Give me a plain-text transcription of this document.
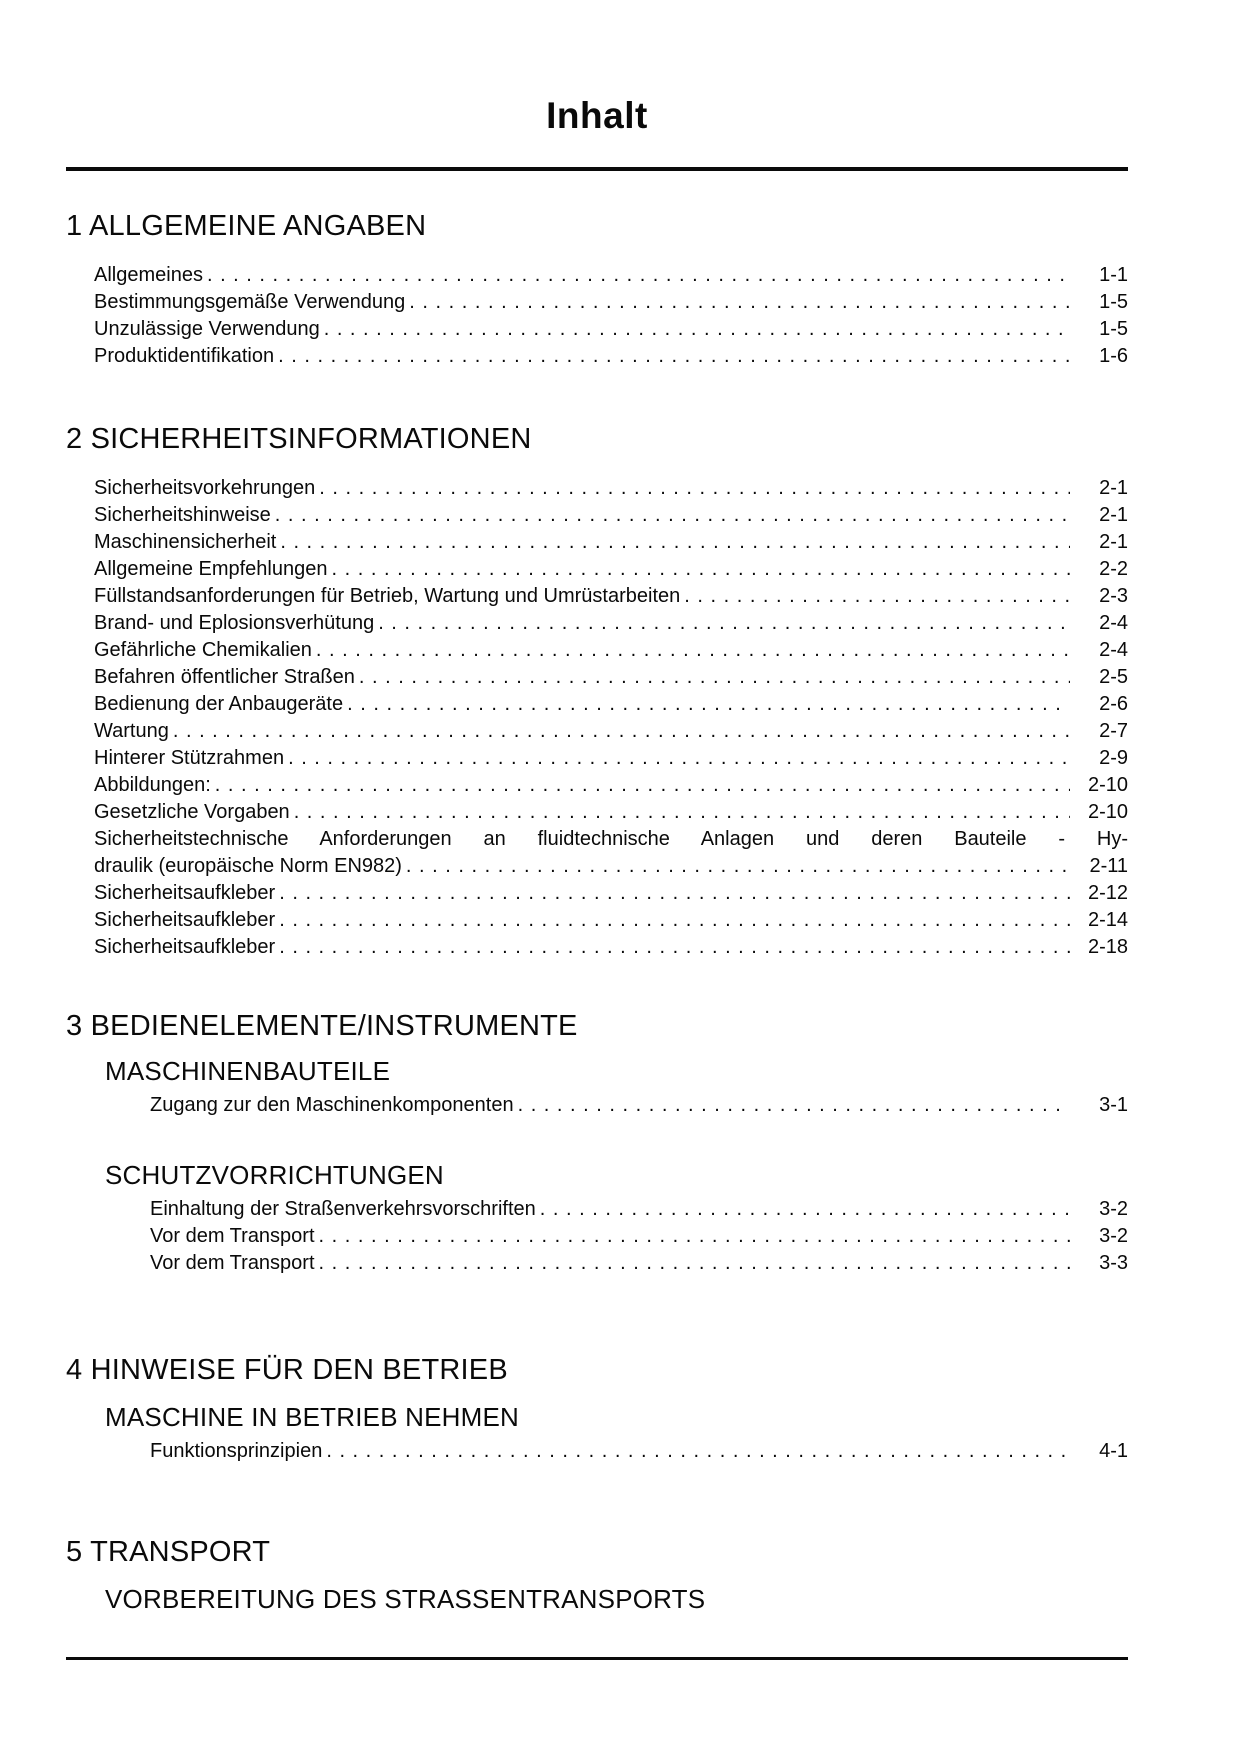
Inhalt
1 ALLGEMEINE ANGABEN
Allgemeines . . .	1-1
Bestimmungsgemäße Verwendung . . .	1-5
Unzulässige Verwendung . . .	1-5
Produktidentifikation . . .	1-6
2 SICHERHEITSINFORMATIONEN
Sicherheitsvorkehrungen . . .	2-1
Sicherheitshinweise . . .	2-1
Maschinensicherheit . . .	2-1
Allgemeine Empfehlungen . . .	2-2
Füllstandsanforderungen für Betrieb, Wartung und Umrüstarbeiten . . .	2-3
Brand- und Eplosionsverhütung . . .	2-4
Gefährliche Chemikalien . . .	2-4
Befahren öffentlicher Straßen . . .	2-5
Bedienung der Anbaugeräte . . .	2-6
Wartung . . .	2-7
Hinterer Stützrahmen . . .	2-9
Abbildungen: . . .	2-10
Gesetzliche Vorgaben . . .	2-10
Sicherheitstechnische Anforderungen an fluidtechnische Anlagen und deren Bauteile - Hy-
draulik (europäische Norm EN982) . . .	2-11
Sicherheitsaufkleber . . .	2-12
Sicherheitsaufkleber . . .	2-14
Sicherheitsaufkleber . . .	2-18
3 BEDIENELEMENTE/INSTRUMENTE
MASCHINENBAUTEILE
Zugang zur den Maschinenkomponenten . . .	3-1
SCHUTZVORRICHTUNGEN
Einhaltung der Straßenverkehrsvorschriften . . .	3-2
Vor dem Transport . . .	3-2
Vor dem Transport . . .	3-3
4 HINWEISE FÜR DEN BETRIEB
MASCHINE IN BETRIEB NEHMEN
Funktionsprinzipien . . .	4-1
5 TRANSPORT
VORBEREITUNG DES STRASSENTRANSPORTS
